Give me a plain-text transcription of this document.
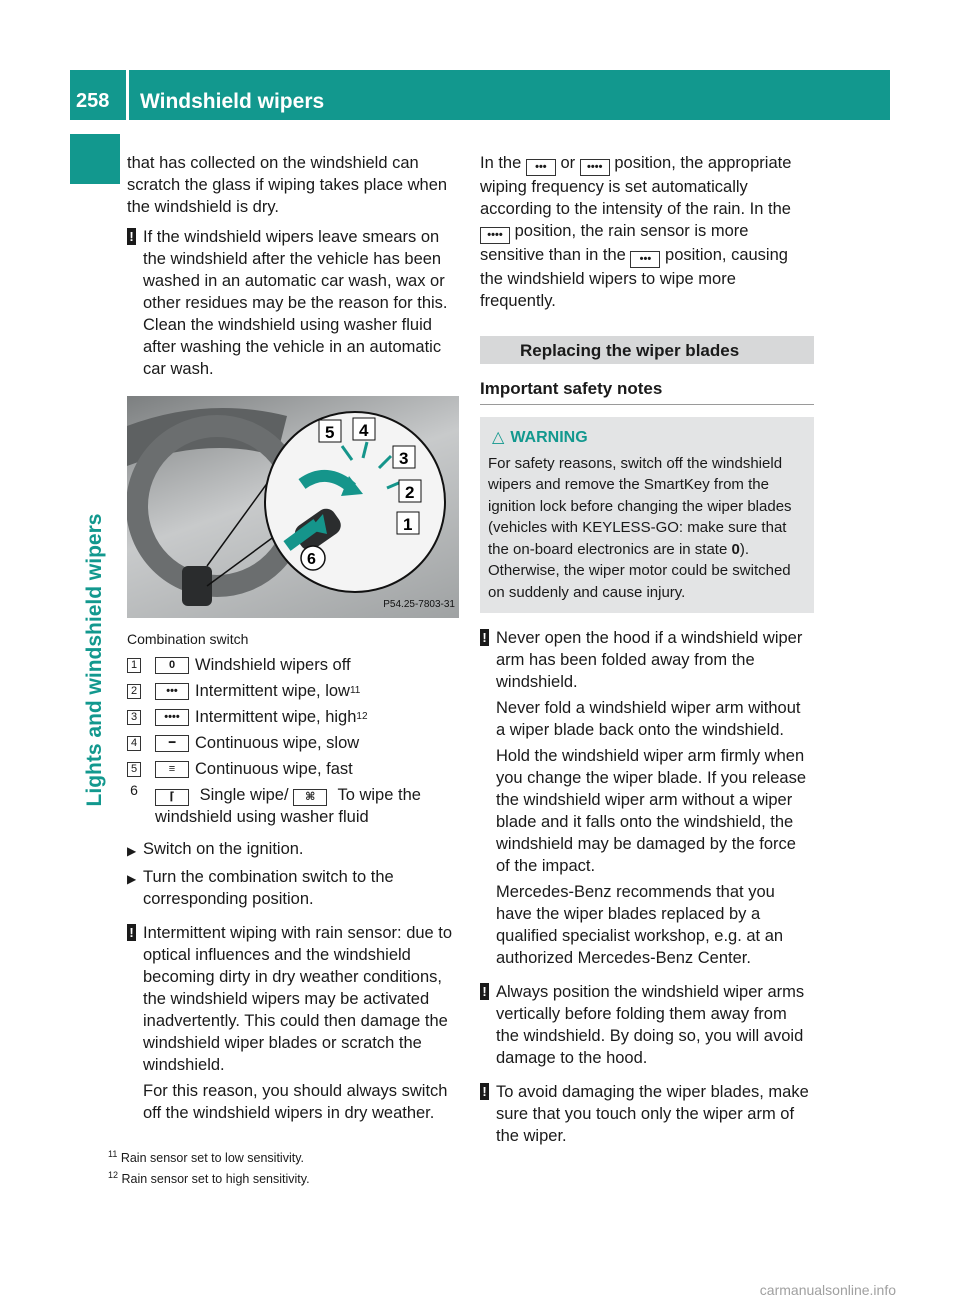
258	Windshield wipers
Lights and windshield wipers
that has collected on the windshield can scratch the glass if wiping takes place when the windshield is dry.
! If the windshield wipers leave smears on the windshield after the vehicle has been washed in an automatic car wash, wax or other residues may be the reason for this. Clean the windshield using washer fluid after washing the vehicle in an automatic car wash.
5 4
3
2
1
6
P54.25-7803-31
Combination switch
1	0	Windshield wipers off
2	•••	Intermittent wipe, low 11
3	•••• Intermittent wipe, high 12
4	━	Continuous wipe, slow
5	≡	Continuous wipe, fast
6	⌈ Single wipe/ ⌘ To wipe the windshield using washer fluid
▶ Switch on the ignition.
▶ Turn the combination switch to the corresponding position.
! Intermittent wiping with rain sensor: due to optical influences and the windshield becoming dirty in dry weather conditions, the windshield wipers may be activated inadvertently. This could then damage the windshield wiper blades or scratch the windshield.
For this reason, you should always switch off the windshield wipers in dry weather.
In the ••• or •••• position, the appropriate wiping frequency is set automatically according to the intensity of the rain. In the •••• position, the rain sensor is more sensitive than in the ••• position, causing the windshield wipers to wipe more frequently.
Replacing the wiper blades
Important safety notes
△ WARNING
For safety reasons, switch off the windshield wipers and remove the SmartKey from the ignition lock before changing the wiper blades (vehicles with KEYLESS-GO: make sure that the on-board electronics are in state 0). Otherwise, the wiper motor could be switched on suddenly and cause injury.
! Never open the hood if a windshield wiper arm has been folded away from the windshield.
Never fold a windshield wiper arm without a wiper blade back onto the windshield.
Hold the windshield wiper arm firmly when you change the wiper blade. If you release the windshield wiper arm without a wiper blade and it falls onto the windshield, the windshield may be damaged by the force of the impact.
Mercedes-Benz recommends that you have the wiper blades replaced by a qualified specialist workshop, e.g. at an authorized Mercedes-Benz Center.
! Always position the windshield wiper arms vertically before folding them away from the windshield. By doing so, you will avoid damage to the hood.
! To avoid damaging the wiper blades, make sure that you touch only the wiper arm of the wiper.
$^{11}$ Rain sensor set to low sensitivity.
$^{12}$ Rain sensor set to high sensitivity.
carmanualsonline.info
